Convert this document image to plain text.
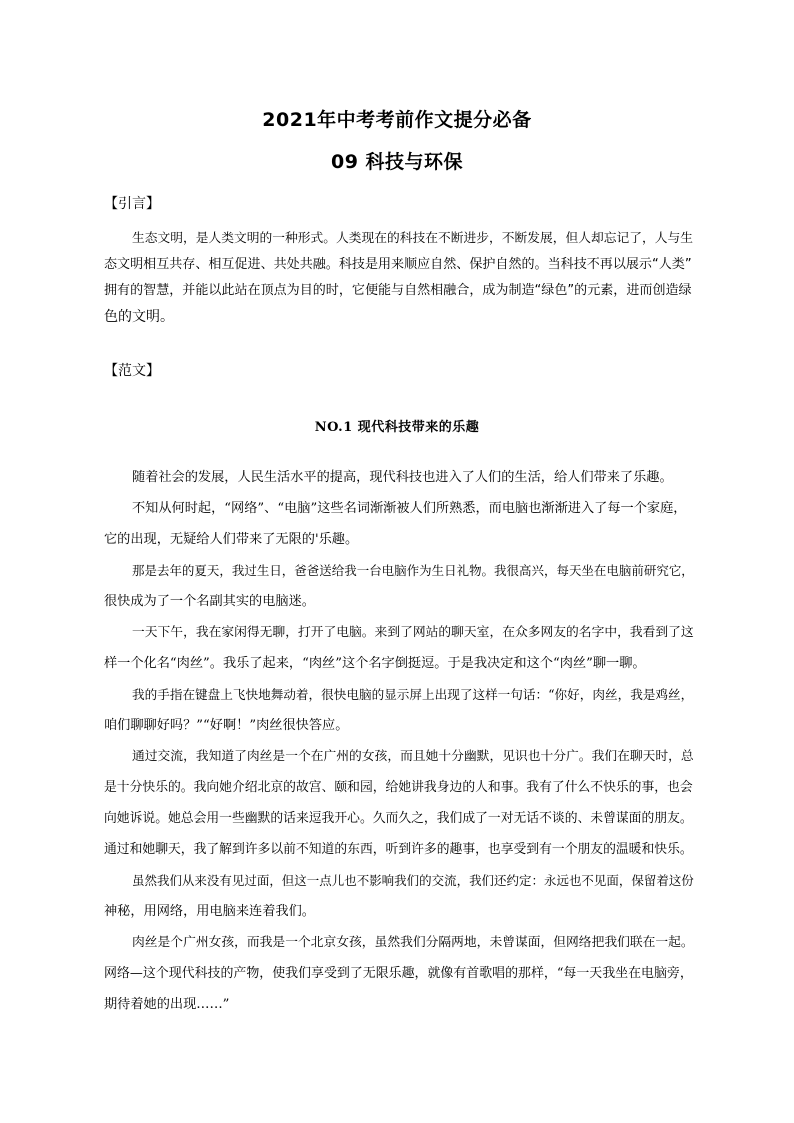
2021年中考考前作文提分必备
09 科技与环保
【引言】
生态文明，是人类文明的一种形式。人类现在的科技在不断进步，不断发展，但人却忘记了，人与生
态文明相互共存、相互促进、共处共融。科技是用来顺应自然、保护自然的。当科技不再以展示“人类”
拥有的智慧，并能以此站在顶点为目的时，它便能与自然相融合，成为制造“绿色”的元素，进而创造绿
色的文明。
【范文】
NO.1 现代科技带来的乐趣
随着社会的发展，人民生活水平的提高，现代科技也进入了人们的生活，给人们带来了乐趣。
不知从何时起，“网络”、“电脑”这些名词渐渐被人们所熟悉，而电脑也渐渐进入了每一个家庭，
它的出现，无疑给人们带来了无限的'乐趣。
那是去年的夏天，我过生日，爸爸送给我一台电脑作为生日礼物。我很高兴，每天坐在电脑前研究它，
很快成为了一个名副其实的电脑迷。
一天下午，我在家闲得无聊，打开了电脑。来到了网站的聊天室，在众多网友的名字中，我看到了这
样一个化名“肉丝”。我乐了起来，“肉丝”这个名字倒挺逗。于是我决定和这个“肉丝”聊一聊。
我的手指在键盘上飞快地舞动着，很快电脑的显示屏上出现了这样一句话：“你好，肉丝，我是鸡丝，
咱们聊聊好吗？”“好啊！”肉丝很快答应。
通过交流，我知道了肉丝是一个在广州的女孩，而且她十分幽默，见识也十分广。我们在聊天时，总
是十分快乐的。我向她介绍北京的故宫、颐和园，给她讲我身边的人和事。我有了什么不快乐的事，也会
向她诉说。她总会用一些幽默的话来逗我开心。久而久之，我们成了一对无话不谈的、未曾谋面的朋友。
通过和她聊天，我了解到许多以前不知道的东西，听到许多的趣事，也享受到有一个朋友的温暖和快乐。
虽然我们从来没有见过面，但这一点儿也不影响我们的交流，我们还约定：永远也不见面，保留着这份
神秘，用网络，用电脑来连着我们。
肉丝是个广州女孩，而我是一个北京女孩，虽然我们分隔两地，未曾谋面，但网络把我们联在一起。
网络—这个现代科技的产物，使我们享受到了无限乐趣，就像有首歌唱的那样，“每一天我坐在电脑旁，
期待着她的出现……”
